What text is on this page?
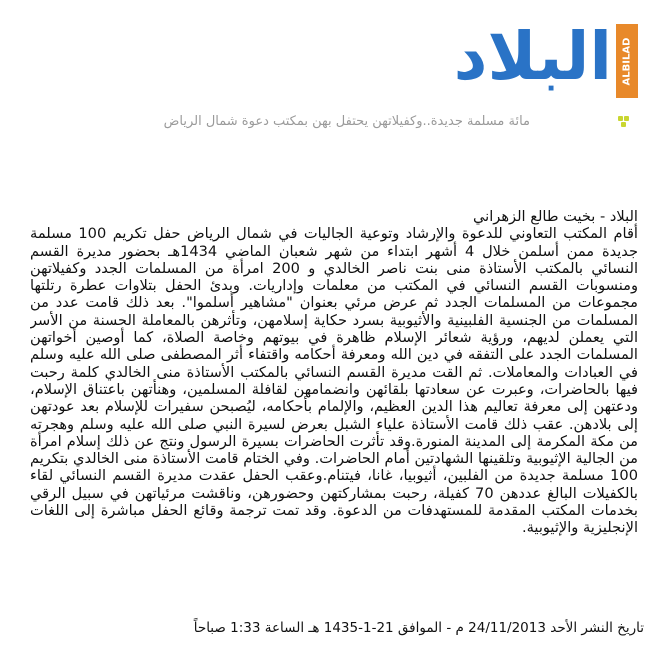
البلاد ALBILAD
مائة مسلمة جديدة..وكفيلاتهن يحتفل بهن بمكتب دعوة شمال الرياض
البلاد - بخيت طالع الزهراني
أقام المكتب التعاوني للدعوة والإرشاد وتوعية الجاليات في شمال الرياض حفل تكريم 100 مسلمة جديدة ممن أسلمن خلال 4 أشهر ابتداء من شهر شعبان الماضي 1434هـ بحضور مديرة القسم النسائي بالمكتب الأستاذة منى بنت ناصر الخالدي و 200 امرأة من المسلمات الجدد وكفيلاتهن ومنسوبات القسم النسائي في المكتب من معلمات وإداريات. وبدئ الحفل بتلاوات عطرة رتلتها مجموعات من المسلمات الجدد ثم عرض مرئي بعنوان "مشاهير أسلموا". بعد ذلك قامت عدد من المسلمات من الجنسية الفلبينية والأثيوبية بسرد حكاية إسلامهن، وتأثرهن بالمعاملة الحسنة من الأسر التي يعملن لديهم، ورؤية شعائر الإسلام ظاهرة في بيوتهم وخاصة الصلاة، كما أوصين أخواتهن المسلمات الجدد على التفقه في دين الله ومعرفة أحكامه واقتفاء أثر المصطفى صلى الله عليه وسلم في العبادات والمعاملات. ثم القت مديرة القسم النسائي بالمكتب الأستاذة منى الخالدي كلمة رحبت فيها بالحاضرات، وعبرت عن سعادتها بلقائهن وانضمامهن لقافلة المسلمين، وهنأتهن باعتناق الإسلام، ودعتهن إلى معرفة تعاليم هذا الدين العظيم، والإلمام بأحكامه، ليُصبحن سفيرات للإسلام بعد عودتهن إلى بلادهن. عقب ذلك قامت الأستاذة علياء الشبل بعرض لسيرة النبي صلى الله عليه وسلم وهجرته من مكة المكرمة إلى المدينة المنورة.وقد تأثرت الحاضرات بسيرة الرسول ونتج عن ذلك إسلام امرأة من الجالية الإثيوبية وتلقينها الشهادتين أمام الحاضرات. وفي الختام قامت الأستاذة منى الخالدي بتكريم 100 مسلمة جديدة من الفلبين، أثيوبيا، غانا، فيتنام.وعقب الحفل عقدت مديرة القسم النسائي لقاء بالكفيلات البالغ عددهن 70 كفيلة، رحبت بمشاركتهن وحضورهن، وناقشت مرئياتهن في سبيل الرقي بخدمات المكتب المقدمة للمستهدفات من الدعوة. وقد تمت ترجمة وقائع الحفل مباشرة إلى اللغات الإنجليزية والإثيوبية.
تاريخ النشر الأحد 24/11/2013 م - الموافق 21-1-1435 هـ الساعة 1:33 صباحاً
